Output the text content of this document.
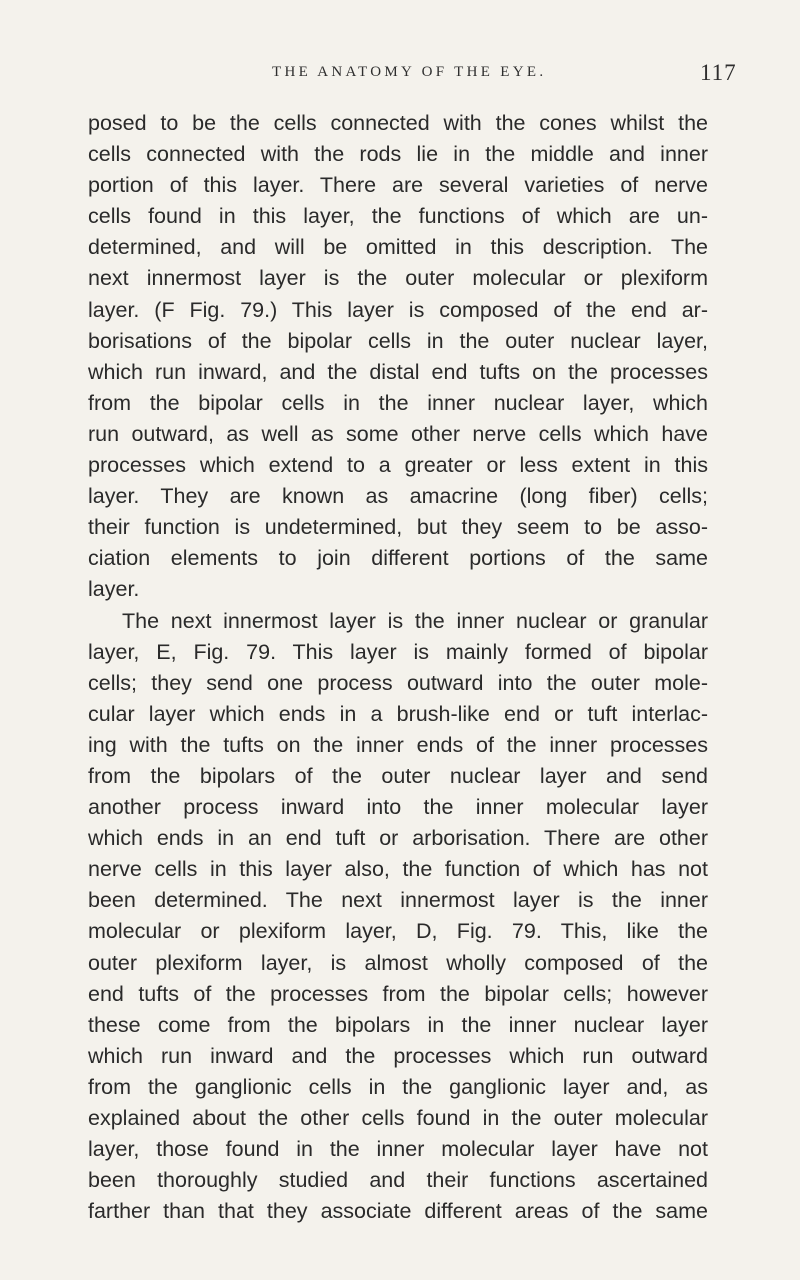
THE ANATOMY OF THE EYE.	117
posed to be the cells connected with the cones whilst the
cells connected with the rods lie in the middle and inner
portion of this layer. There are several varieties of nerve
cells found in this layer, the functions of which are un-
determined, and will be omitted in this description. The
next innermost layer is the outer molecular or plexiform
layer. (F Fig. 79.) This layer is composed of the end ar-
borisations of the bipolar cells in the outer nuclear layer,
which run inward, and the distal end tufts on the processes
from the bipolar cells in the inner nuclear layer, which
run outward, as well as some other nerve cells which have
processes which extend to a greater or less extent in this
layer. They are known as amacrine (long fiber) cells;
their function is undetermined, but they seem to be asso-
ciation elements to join different portions of the same
layer.
The next innermost layer is the inner nuclear or granular
layer, E, Fig. 79. This layer is mainly formed of bipolar
cells; they send one process outward into the outer mole-
cular layer which ends in a brush-like end or tuft interlac-
ing with the tufts on the inner ends of the inner processes
from the bipolars of the outer nuclear layer and send
another process inward into the inner molecular layer
which ends in an end tuft or arborisation. There are other
nerve cells in this layer also, the function of which has not
been determined. The next innermost layer is the inner
molecular or plexiform layer, D, Fig. 79. This, like the
outer plexiform layer, is almost wholly composed of the
end tufts of the processes from the bipolar cells; however
these come from the bipolars in the inner nuclear layer
which run inward and the processes which run outward
from the ganglionic cells in the ganglionic layer and, as
explained about the other cells found in the outer molecular
layer, those found in the inner molecular layer have not
been thoroughly studied and their functions ascertained
farther than that they associate different areas of the same
